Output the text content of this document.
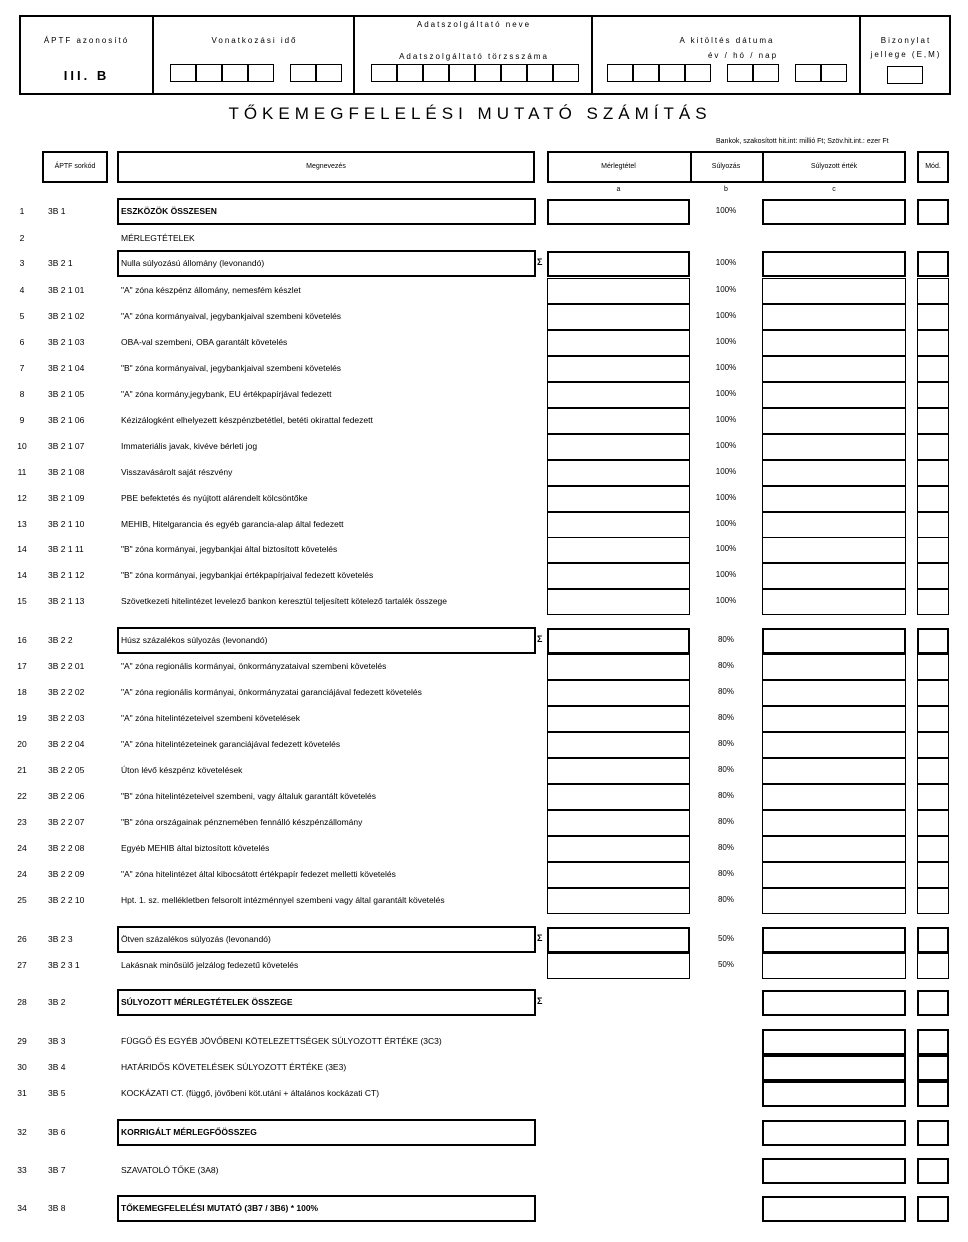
ÁPTF azonosító
III. B
Vonatkozási idő
Adatszolgáltató neve
Adatszolgáltató törzsszáma
A kitöltés dátuma
év / hó / nap
Bizonylat jellege (E,M)
TŐKEMEGFELELÉSI MUTATÓ SZÁMÍTÁS
Bankok, szakosított hit.int: millió Ft; Szöv.hit.int.: ezer Ft
ÁPTF sorkód	Megnevezés	Mérlegtétel	Súlyozás	Súlyozott érték	Mód.
a	b	c
1	3B 1	ESZKÖZÖK ÖSSZESEN	100%
2	MÉRLEGTÉTELEK
3	3B 2 1	Nulla súlyozású állomány (levonandó)	Σ	100%
4	3B 2 1 01	"A" zóna készpénz állomány, nemesfém készlet	100%
5	3B 2 1 02	"A" zóna kormányaival, jegybankjaival szembeni követelés	100%
6	3B 2 1 03	OBA-val szembeni, OBA garantált követelés	100%
7	3B 2 1 04	"B" zóna kormányaival, jegybankjaival szembeni követelés	100%
8	3B 2 1 05	"A" zóna kormány,jegybank, EU értékpapírjával fedezett	100%
9	3B 2 1 06	Kézizálogként elhelyezett készpénzbetétlel, betéti okirattal fedezett	100%
10	3B 2 1 07	Immateriális javak, kivéve bérleti jog	100%
11	3B 2 1 08	Visszavásárolt saját részvény	100%
12	3B 2 1 09	PBE befektetés és nyújtott alárendelt kölcsöntőke	100%
13	3B 2 1 10	MEHIB, Hitelgarancia és egyéb garancia-alap által fedezett	100%
14	3B 2 1 11	"B" zóna kormányai, jegybankjai által biztosított követelés	100%
14	3B 2 1 12	"B" zóna kormányai, jegybankjai értékpapírjaival fedezett követelés	100%
15	3B 2 1 13	Szövetkezeti hitelintézet levelező bankon keresztül teljesített kötelező tartalék összege	100%
16	3B 2 2	Húsz százalékos súlyozás (levonandó)	Σ	80%
17	3B 2 2 01	"A" zóna regionális kormányai, önkormányzataival szembeni követelés	80%
18	3B 2 2 02	"A" zóna regionális kormányai, önkormányzatai garanciájával fedezett követelés	80%
19	3B 2 2 03	"A" zóna hitelintézeteivel szembeni követelések	80%
20	3B 2 2 04	"A" zóna hitelintézeteinek garanciájával fedezett követelés	80%
21	3B 2 2 05	Úton lévő készpénz követelések	80%
22	3B 2 2 06	"B" zóna hitelintézeteivel szembeni, vagy általuk garantált követelés	80%
23	3B 2 2 07	"B" zóna országainak pénznemében fennálló készpénzállomány	80%
24	3B 2 2 08	Egyéb MEHIB által biztosított követelés	80%
24	3B 2 2 09	"A" zóna hitelintézet által kibocsátott értékpapír fedezet melletti követelés	80%
25	3B 2 2 10	Hpt. 1. sz. mellékletben felsorolt intézménnyel szembeni vagy által garantált követelés	80%
26	3B 2 3	Ötven százalékos súlyozás (levonandó)	Σ	50%
27	3B 2 3 1	Lakásnak minősülő jelzálog fedezetű követelés	50%
28	3B 2	SÚLYOZOTT MÉRLEGTÉTELEK ÖSSZEGE	Σ
29	3B 3	FÜGGŐ ÉS EGYÉB JÖVŐBENI KÖTELEZETTSÉGEK SÚLYOZOTT ÉRTÉKE (3C3)
30	3B 4	HATÁRIDŐS KÖVETELÉSEK SÚLYOZOTT ÉRTÉKE (3E3)
31	3B 5	KOCKÁZATI CT. (függő, jövőbeni köt.utáni + általános kockázati CT)
32	3B 6	KORRIGÁLT MÉRLEGFŐÖSSZEG
33	3B 7	SZAVATOLÓ TŐKE (3A8)
34	3B 8	TŐKEMEGFELELÉSI MUTATÓ (3B7 / 3B6) * 100%
